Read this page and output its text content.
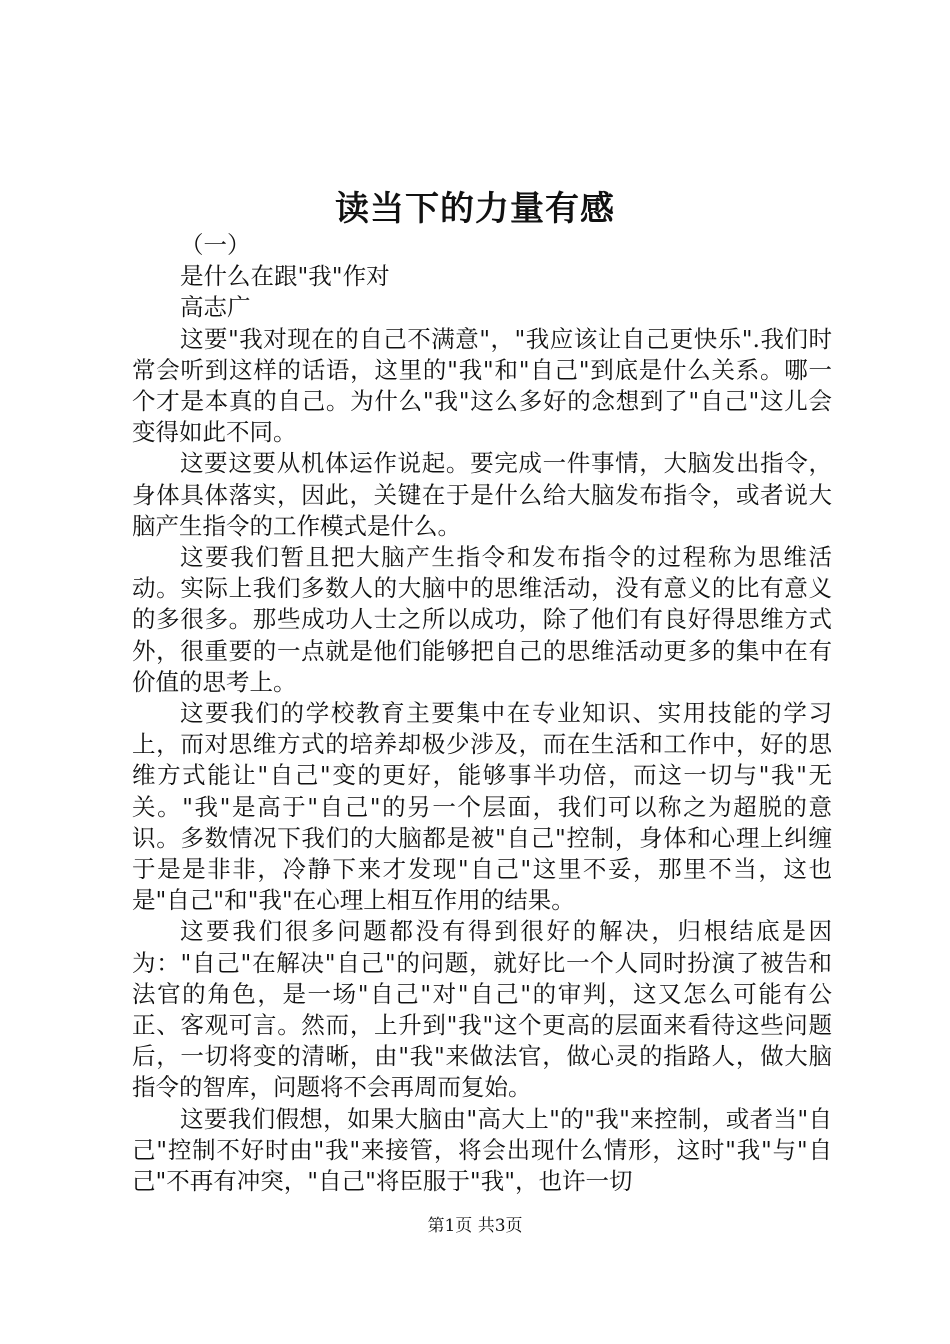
读当下的力量有感

（一）

是什么在跟"我"作对

高志广

这要"我对现在的自己不满意"，"我应该让自己更快乐".我们时常会听到这样的话语，这里的"我"和"自己"到底是什么关系。哪一个才是本真的自己。为什么"我"这么多好的念想到了"自己"这儿会变得如此不同。

这要这要从机体运作说起。要完成一件事情，大脑发出指令，身体具体落实，因此，关键在于是什么给大脑发布指令，或者说大脑产生指令的工作模式是什么。

这要我们暂且把大脑产生指令和发布指令的过程称为思维活动。实际上我们多数人的大脑中的思维活动，没有意义的比有意义的多很多。那些成功人士之所以成功，除了他们有良好得思维方式外，很重要的一点就是他们能够把自己的思维活动更多的集中在有价值的思考上。

这要我们的学校教育主要集中在专业知识、实用技能的学习上，而对思维方式的培养却极少涉及，而在生活和工作中，好的思维方式能让"自己"变的更好，能够事半功倍，而这一切与"我"无关。"我"是高于"自己"的另一个层面，我们可以称之为超脱的意识。多数情况下我们的大脑都是被"自己"控制，身体和心理上纠缠于是是非非，冷静下来才发现"自己"这里不妥，那里不当，这也是"自己"和"我"在心理上相互作用的结果。

这要我们很多问题都没有得到很好的解决，归根结底是因为："自己"在解决"自己"的问题，就好比一个人同时扮演了被告和法官的角色，是一场"自己"对"自己"的审判，这又怎么可能有公正、客观可言。然而，上升到"我"这个更高的层面来看待这些问题后，一切将变的清晰，由"我"来做法官，做心灵的指路人，做大脑指令的智库，问题将不会再周而复始。

这要我们假想，如果大脑由"高大上"的"我"来控制，或者当"自己"控制不好时由"我"来接管，将会出现什么情形，这时"我"与"自己"不再有冲突，"自己"将臣服于"我"，也许一切

第1页 共3页
